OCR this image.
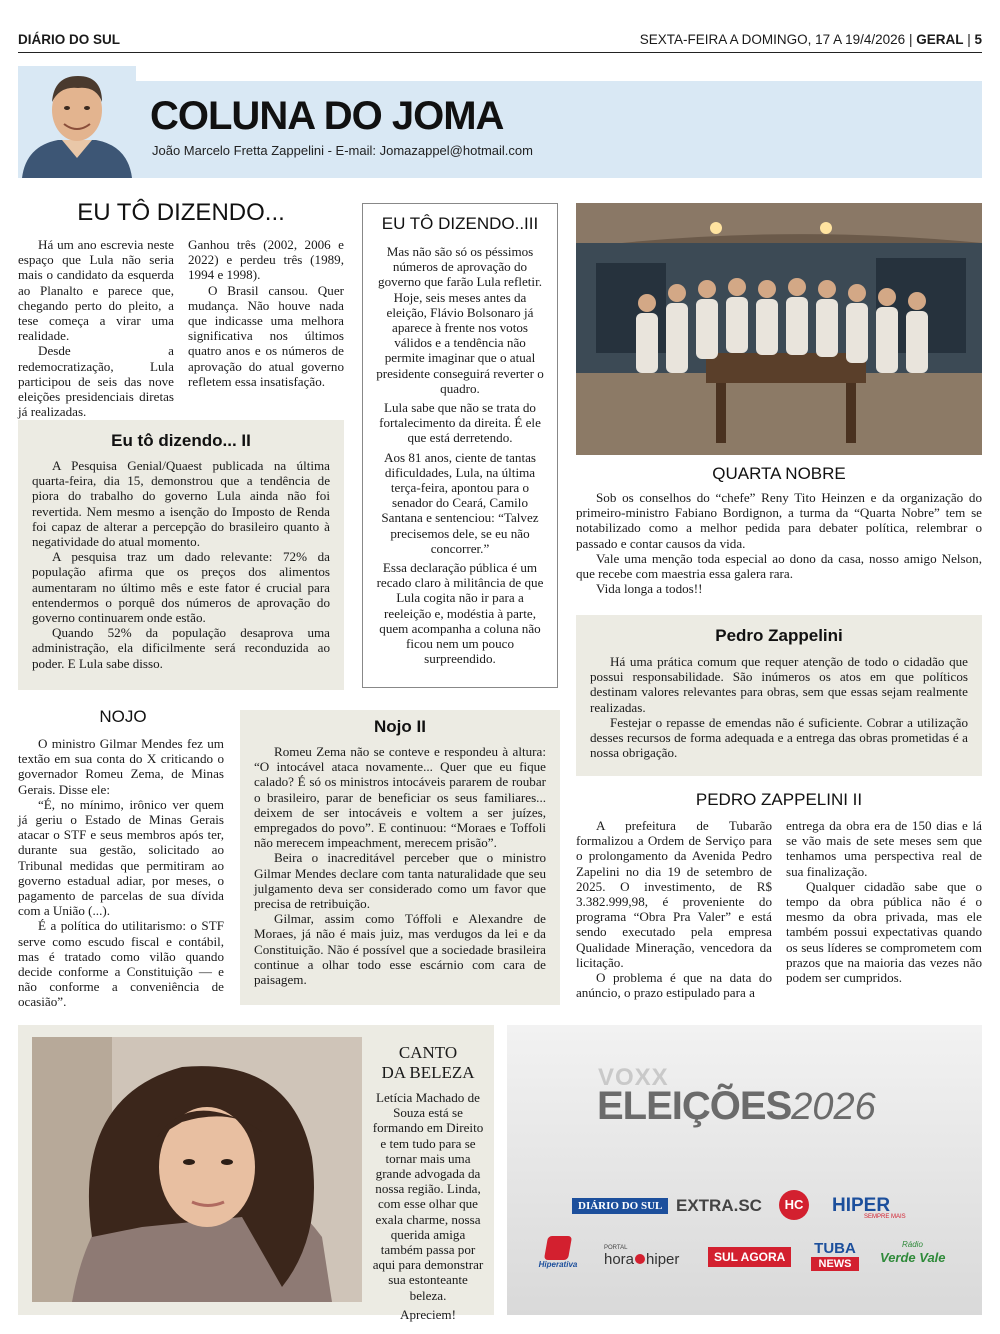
DIÁRIO DO SUL	SEXTA-FEIRA A DOMINGO, 17 A 19/4/2026 | GERAL | 5
COLUNA DO JOMA
João Marcelo Fretta Zappelini - E-mail: Jomazappel@hotmail.com
EU TÔ DIZENDO...

Há um ano escrevia neste espaço que Lula não seria mais o candidato da esquerda ao Planalto e parece que, chegando perto do pleito, a tese começa a virar uma realidade.

Desde a redemocratização, Lula participou de seis das nove eleições presidenciais diretas já realizadas.

Ganhou três (2002, 2006 e 2022) e perdeu três (1989, 1994 e 1998).

O Brasil cansou. Quer mudança. Não houve nada que indicasse uma melhora significativa nos últimos quatro anos e os números de aprovação do atual governo refletem essa insatisfação.

Eu tô dizendo... II

A Pesquisa Genial/Quaest publicada na última quarta-feira, dia 15, demonstrou que a tendência de piora do trabalho do governo Lula ainda não foi revertida. Nem mesmo a isenção do Imposto de Renda foi capaz de alterar a percepção do brasileiro quanto à negatividade do atual momento.

A pesquisa traz um dado relevante: 72% da população afirma que os preços dos alimentos aumentaram no último mês e este fator é crucial para entendermos o porquê dos números de aprovação do governo continuarem onde estão.

Quando 52% da população desaprova uma administração, ela dificilmente será reconduzida ao poder. E Lula sabe disso.

EU TÔ DIZENDO..III

Mas não são só os péssimos números de aprovação do governo que farão Lula refletir. Hoje, seis meses antes da eleição, Flávio Bolsonaro já aparece à frente nos votos válidos e a tendência não permite imaginar que o atual presidente conseguirá reverter o quadro.

Lula sabe que não se trata do fortalecimento da direita. É ele que está derretendo.

Aos 81 anos, ciente de tantas dificuldades, Lula, na última terça-feira, apontou para o senador do Ceará, Camilo Santana e sentenciou: “Talvez precisemos dele, se eu não concorrer.”

Essa declaração pública é um recado claro à militância de que Lula cogita não ir para a reeleição e, modéstia à parte, quem acompanha a coluna não ficou nem um pouco surpreendido.

QUARTA NOBRE

Sob os conselhos do “chefe” Reny Tito Heinzen e da organização do primeiro-ministro Fabiano Bordignon, a turma da “Quarta Nobre” tem se notabilizado como a melhor pedida para debater política, relembrar o passado e contar causos da vida.

Vale uma menção toda especial ao dono da casa, nosso amigo Nelson, que recebe com maestria essa galera rara.

Vida longa a todos!!

Pedro Zappelini

Há uma prática comum que requer atenção de todo o cidadão que possui responsabilidade. São inúmeros os atos em que políticos destinam valores relevantes para obras, sem que essas sejam realmente realizadas.

Festejar o repasse de emendas não é suficiente. Cobrar a utilização desses recursos de forma adequada e a entrega das obras prometidas é a nossa obrigação.

PEDRO ZAPPELINI II

A prefeitura de Tubarão formalizou a Ordem de Serviço para o prolongamento da Avenida Pedro Zapelini no dia 19 de setembro de 2025. O investimento, de R$ 3.382.999,98, é proveniente do programa “Obra Pra Valer” e está sendo executado pela empresa Qualidade Mineração, vencedora da licitação.

O problema é que na data do anúncio, o prazo estipulado para a

entrega da obra era de 150 dias e lá se vão mais de sete meses sem que tenhamos uma perspectiva real de sua finalização.

Qualquer cidadão sabe que o tempo da obra pública não é o mesmo da obra privada, mas ele também possui expectativas quando os seus líderes se comprometem com prazos que na maioria das vezes não podem ser cumpridos.

NOJO

O ministro Gilmar Mendes fez um textão em sua conta do X criticando o governador Romeu Zema, de Minas Gerais. Disse ele:

“É, no mínimo, irônico ver quem já geriu o Estado de Minas Gerais atacar o STF e seus membros após ter, durante sua gestão, solicitado ao Tribunal medidas que permitiram ao governo estadual adiar, por meses, o pagamento de parcelas de sua dívida com a União (...).

É a política do utilitarismo: o STF serve como escudo fiscal e contábil, mas é tratado como vilão quando decide conforme a Constituição — e não conforme a conveniência de ocasião”.

Nojo II

Romeu Zema não se conteve e respondeu à altura: “O intocável ataca novamente... Quer que eu fique calado? É só os ministros intocáveis pararem de roubar o brasileiro, parar de beneficiar os seus familiares... deixem de ser intocáveis e voltem a ser juízes, empregados do povo”. E continuou: “Moraes e Toffoli não merecem impeachment, merecem prisão”.

Beira o inacreditável perceber que o ministro Gilmar Mendes declare com tanta naturalidade que seu julgamento deva ser considerado como um favor que precisa de retribuição.

Gilmar, assim como Tóffoli e Alexandre de Moraes, já não é mais juiz, mas verdugos da lei e da Constituição. Não é possível que a sociedade brasileira continue a olhar todo esse escárnio com cara de paisagem.

CANTO
DA BELEZA

Letícia Machado de Souza está se formando em Direito e tem tudo para se tornar mais uma grande advogada da nossa região. Linda, com esse olhar que exala charme, nossa querida amiga também passa por aqui para demonstrar sua estonteante beleza.

Apreciem!

VOXX
ELEIÇÕES2026
DIÁRIO DO SUL EXTRA.SC	HC HIPER
SEMPRE MAIS
Hiperativa
PORTAL
hora hiper	SUL AGORA	TUBA
NEWS
Rádio
Verde Vale
